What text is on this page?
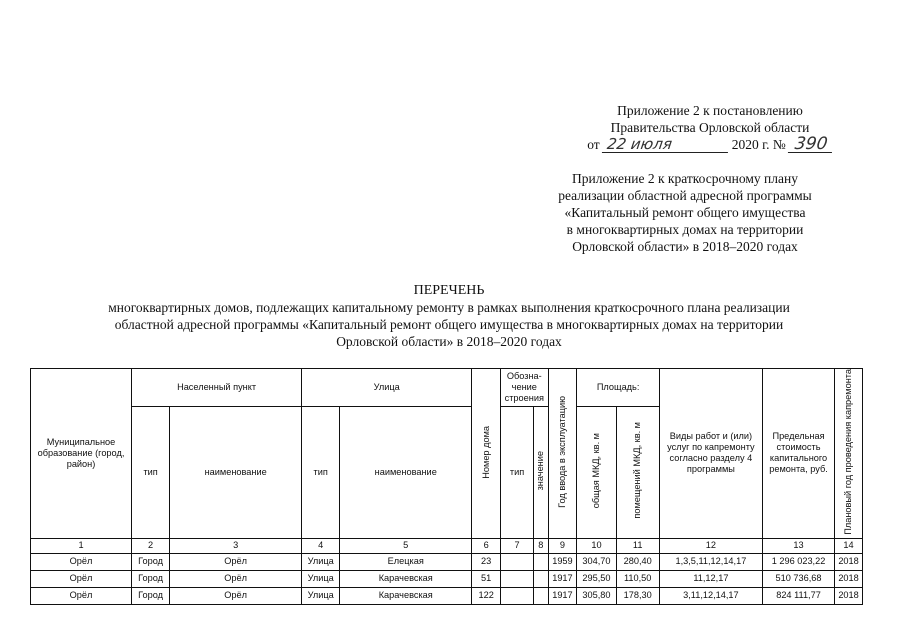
Приложение 2 к постановлению
Правительства Орловской области
от 22 июля	2020 г. № 390
Приложение 2 к краткосрочному плану
реализации областной адресной программы
«Капитальный ремонт общего имущества
в многоквартирных домах на территории
Орловской области» в 2018–2020 годах
ПЕРЕЧЕНЬ
многоквартирных домов, подлежащих капитальному ремонту в рамках выполнения краткосрочного плана реализации
областной адресной программы «Капитальный ремонт общего имущества в многоквартирных домах на территории
Орловской области» в 2018–2020 годах
Муниципальное образование (город, район)	Населенный пункт		Улица		Номер дома	Обозна-чение строения		Год ввода в эксплуатацию	Площадь:		Виды работ и (или) услуг по капремонту согласно разделу 4 программы	Предельная стоимость капитального ремонта, руб.	Плановый год проведения капремонта
	тип	наименование	тип	наименование		тип	значение		общая МКД, кв. м	помещений МКД, кв. м			
1	2	3	4	5	6	7	8	9	10	11	12	13	14
Орёл	Город	Орёл	Улица	Елецкая	23			1959	304,70	280,40	1,3,5,11,12,14,17	1 296 023,22	2018
Орёл	Город	Орёл	Улица	Карачевская	51			1917	295,50	110,50	11,12,17	510 736,68	2018
Орёл	Город	Орёл	Улица	Карачевская	122			1917	305,80	178,30	3,11,12,14,17	824 111,77	2018
